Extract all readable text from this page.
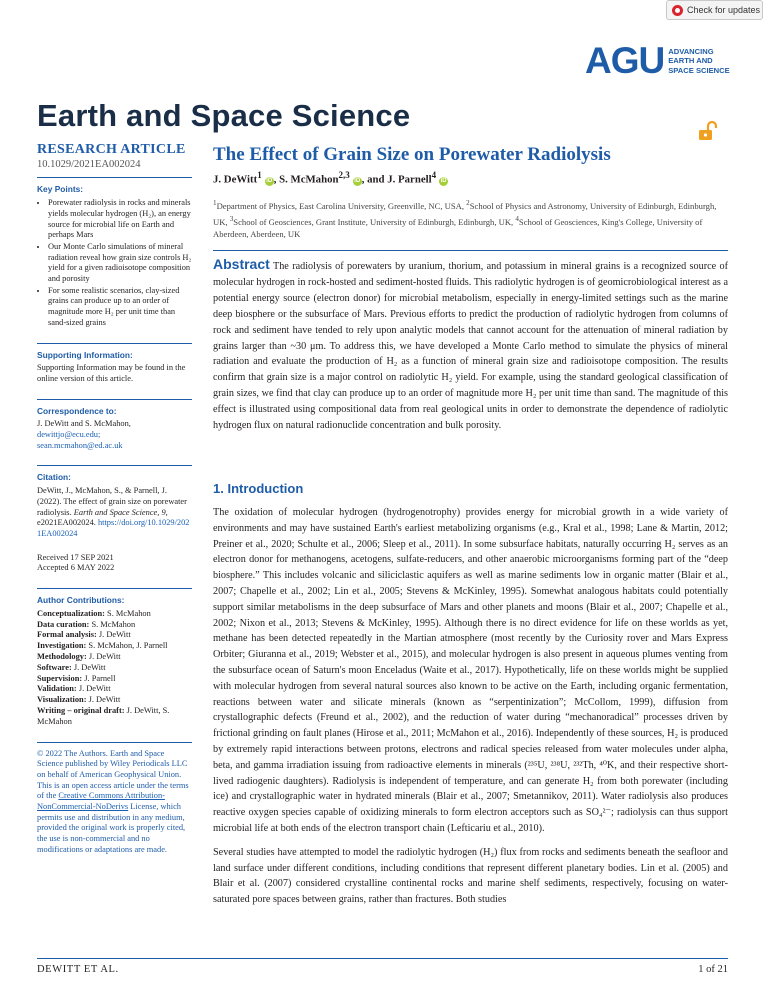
Check for updates
AGU ADVANCING
EARTH AND
SPACE SCIENCE
Earth and Space Science
RESEARCH ARTICLE
10.1029/2021EA002024
Key Points:
• Porewater radiolysis in rocks and minerals yields molecular hydrogen (H₂), an energy source for microbial life on Earth and perhaps Mars
• Our Monte Carlo simulations of mineral radiation reveal how grain size controls H₂ yield for a given radioisotope composition and porosity
• For some realistic scenarios, clay-sized grains can produce up to an order of magnitude more H₂ per unit time than sand-sized grains
Supporting Information:
Supporting Information may be found in the online version of this article.
Correspondence to:
J. DeWitt and S. McMahon,
dewittjo@ecu.edu;
sean.mcmahon@ed.ac.uk
Citation:
DeWitt, J., McMahon, S., & Parnell, J. (2022). The effect of grain size on porewater radiolysis. Earth and Space Science, 9, e2021EA002024. https://doi.org/10.1029/2021EA002024
Received 17 SEP 2021
Accepted 6 MAY 2022
Author Contributions:
Conceptualization: S. McMahon
Data curation: S. McMahon
Formal analysis: J. DeWitt
Investigation: S. McMahon, J. Parnell
Methodology: J. DeWitt
Software: J. DeWitt
Supervision: J. Parnell
Validation: J. DeWitt
Visualization: J. DeWitt
Writing – original draft: J. DeWitt, S. McMahon
© 2022 The Authors. Earth and Space Science published by Wiley Periodicals LLC on behalf of American Geophysical Union.
This is an open access article under the terms of the Creative Commons Attribution-NonCommercial-NoDerivs License, which permits use and distribution in any medium, provided the original work is properly cited, the use is non-commercial and no modifications or adaptations are made.
The Effect of Grain Size on Porewater Radiolysis
J. DeWitt$^1$iD , S. McMahon$^{2,3}$iD , and J. Parnell$^4$iD
$^1$Department of Physics, East Carolina University, Greenville, NC, USA, $^2$School of Physics and Astronomy, University of Edinburgh, Edinburgh, UK, $^3$School of Geosciences, Grant Institute, University of Edinburgh, Edinburgh, UK, $^4$School of Geosciences, King's College, University of Aberdeen, Aberdeen, UK
Abstract The radiolysis of porewaters by uranium, thorium, and potassium in mineral grains is a recognized source of molecular hydrogen in rock-hosted and sediment-hosted fluids. This radiolytic hydrogen is of geomicrobiological interest as a potential energy source (electron donor) for microbial metabolism, especially in energy-limited settings such as the marine deep biosphere or the subsurface of Mars. Previous efforts to predict the production of radiolytic hydrogen from columns of rock and sediment have tended to rely upon analytic models that cannot account for the attenuation of mineral radiation by grains larger than ~30 μm. To address this, we have developed a Monte Carlo method to simulate the physics of mineral radiation and evaluate the production of H₂ as a function of mineral grain size and radioisotope composition. The results confirm that grain size is a major control on radiolytic H₂ yield. For example, using the standard geological classification of grain sizes, we find that clay can produce up to an order of magnitude more H₂ per unit time than sand. The magnitude of this effect is illustrated using compositional data from real geological units in order to demonstrate the dependence of radiolytic hydrogen flux on natural radionuclide concentration and bulk porosity.
1. Introduction

The oxidation of molecular hydrogen (hydrogenotrophy) provides energy for microbial growth in a wide variety of environments and may have sustained Earth's earliest metabolizing organisms (e.g., Kral et al., 1998; Lane & Martin, 2012; Preiner et al., 2020; Schulte et al., 2006; Sleep et al., 2011). In some subsurface habitats, naturally occurring H₂ serves as an electron donor for methanogens, acetogens, sulfate-reducers, and other anaerobic microorganisms forming part of the “deep biosphere.” This includes volcanic and siliciclastic aquifers as well as marine sediments low in organic matter (Blair et al., 2007; Chapelle et al., 2002; Lin et al., 2005; Stevens & McKinley, 1995). Somewhat analogous habitats could potentially support similar metabolisms in the deep subsurface of Mars and other planets and moons (Blair et al., 2007; Chapelle et al., 2002; Nixon et al., 2013; Stevens & McKinley, 1995). Although there is no direct evidence for life on these worlds as yet, methane has been detected repeatedly in the Martian atmosphere (most recently by the Curiosity rover and Mars Express Orbiter; Giuranna et al., 2019; Webster et al., 2015), and molecular hydrogen is also present in aqueous plumes venting from the subsurface ocean of Saturn's moon Enceladus (Waite et al., 2017). Hypothetically, life on these worlds might be supplied with molecular hydrogen from several natural sources also known to be active on the Earth, including organic fermentation, reactions between water and silicate minerals (known as “serpentinization”; McCollom, 1999), diffusion from crystallographic defects (Freund et al., 2002), and the reduction of water during “mechanoradical” processes driven by frictional grinding on fault planes (Hirose et al., 2011; McMahon et al., 2016). Independently of these sources, H₂ is produced by extremely rapid interactions between protons, electrons and radical species released from water molecules under alpha, beta, and gamma irradiation issuing from radioactive elements in minerals (²³⁵U, ²³⁸U, ²³²Th, ⁴⁰K, and their respective short-lived radiogenic daughters). Radiolysis is independent of temperature, and can generate H₂ from both porewater (including ice) and crystallographic water in hydrated minerals (Blair et al., 2007; Smetannikov, 2011). Water radiolysis also produces reactive oxygen species capable of oxidizing minerals to form electron acceptors such as SO₄²⁻; radiolysis can thus support microbial life at both ends of the electron transport chain (Lefticariu et al., 2010).

Several studies have attempted to model the radiolytic hydrogen (H₂) flux from rocks and sediments beneath the seafloor and land surface under different conditions, including conditions that represent different planetary bodies. Lin et al. (2005) and Blair et al. (2007) considered crystalline continental rocks and marine shelf sediments, respectively, focusing on water-saturated pore spaces between grains, rather than fractures. Both studies

DEWITT ET AL.	1 of 21
